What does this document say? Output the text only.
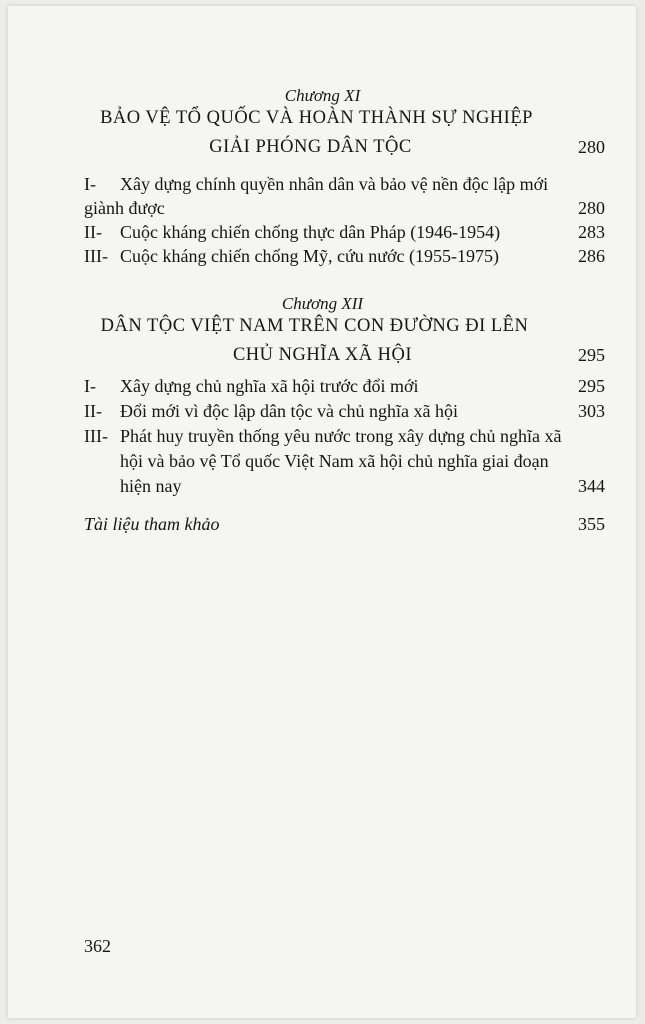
Chương XI
BẢO VỆ TỔ QUỐC VÀ HOÀN THÀNH SỰ NGHIỆP
GIẢI PHÓNG DÂN TỘC	280
I- Xây dựng chính quyền nhân dân và bảo vệ nền độc lập mới
giành được	280
II- Cuộc kháng chiến chống thực dân Pháp (1946-1954)	283
III- Cuộc kháng chiến chống Mỹ, cứu nước (1955-1975)	286
Chương XII
DÂN TỘC VIỆT NAM TRÊN CON ĐƯỜNG ĐI LÊN
CHỦ NGHĨA XÃ HỘI	295
I- Xây dựng chủ nghĩa xã hội trước đổi mới	295
II- Đổi mới vì độc lập dân tộc và chủ nghĩa xã hội	303
III- Phát huy truyền thống yêu nước trong xây dựng chủ nghĩa xã
hội và bảo vệ Tổ quốc Việt Nam xã hội chủ nghĩa giai đoạn
hiện nay	344
Tài liệu tham khảo	355
362
